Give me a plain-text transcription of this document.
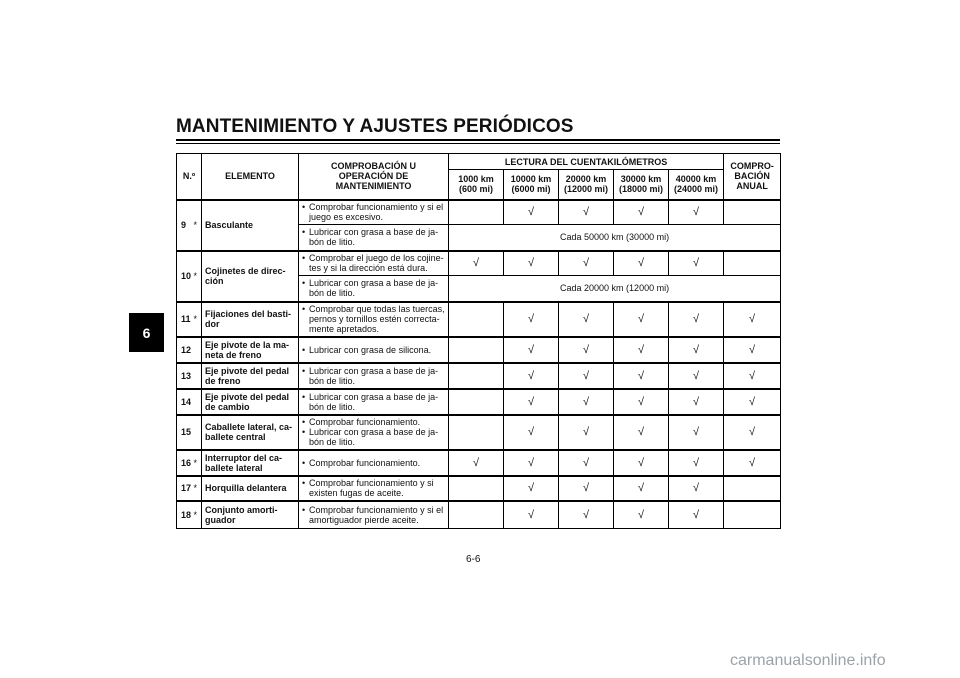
MANTENIMIENTO Y AJUSTES PERIÓDICOS
6
N.º		ELEMENTO	COMPROBACIÓN U OPERACIÓN DE MANTENIMIENTO	LECTURA DEL CUENTAKILÓMETROS					COMPRO- BACIÓN ANUAL
				1000 km (600 mi)	10000 km (6000 mi)	20000 km (12000 mi)	30000 km (18000 mi)	40000 km (24000 mi)	
9	*	Basculante	• Comprobar funcionamiento y si el juego es excesivo.		√	√	√	√	

			• Lubricar con grasa a base de ja- bón de litio.	Cada 50000 km (30000 mi)					
10	*	Cojinetes de direc- ción	• Comprobar el juego de los cojine- tes y si la dirección está dura.	√	√	√	√	√	

			• Lubricar con grasa a base de ja- bón de litio.	Cada 20000 km (12000 mi)					
11	*	Fijaciones del basti- dor	• Comprobar que todas las tuercas, pernos y tornillos estén correcta- mente apretados.		√	√	√	√	√
12		Eje pivote de la ma- neta de freno	• Lubricar con grasa de silicona.		√	√	√	√	√
13		Eje pivote del pedal de freno	• Lubricar con grasa a base de ja- bón de litio.		√	√	√	√	√
14		Eje pivote del pedal de cambio	• Lubricar con grasa a base de ja- bón de litio.		√	√	√	√	√
15		Caballete lateral, ca- ballete central	• Comprobar funcionamiento.
• Lubricar con grasa a base de ja- bón de litio.		√	√	√	√	√
16	*	Interruptor del ca- ballete lateral	• Comprobar funcionamiento.	√	√	√	√	√	√
17	*	Horquilla delantera	• Comprobar funcionamiento y si existen fugas de aceite.		√	√	√	√	
18	*	Conjunto amorti- guador	• Comprobar funcionamiento y si el amortiguador pierde aceite.		√	√	√	√	
6-6
carmanualsonline.info
